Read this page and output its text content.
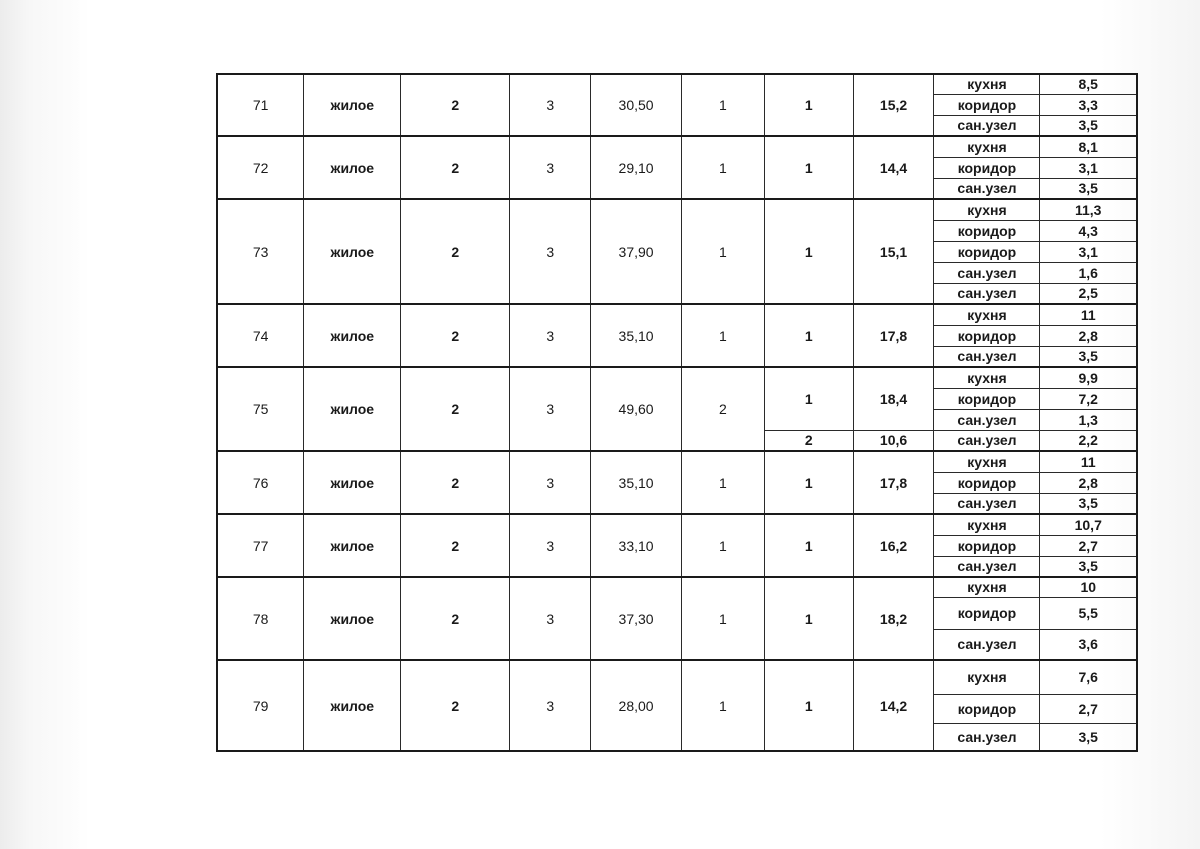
71	жилое	2	3	30,50	1	1	15,2	кухня	8,5
								коридор	3,3
								сан.узел	3,5
72	жилое	2	3	29,10	1	1	14,4	кухня	8,1
								коридор	3,1
								сан.узел	3,5
73	жилое	2	3	37,90	1	1	15,1	кухня	11,3
								коридор	4,3
								коридор	3,1
								сан.узел	1,6
								сан.узел	2,5
74	жилое	2	3	35,10	1	1	17,8	кухня	11
								коридор	2,8
								сан.узел	3,5
75	жилое	2	3	49,60	2	1	18,4	кухня	9,9
								коридор	7,2
								сан.узел	1,3
						2	10,6	сан.узел	2,2
76	жилое	2	3	35,10	1	1	17,8	кухня	11
								коридор	2,8
								сан.узел	3,5
77	жилое	2	3	33,10	1	1	16,2	кухня	10,7
								коридор	2,7
								сан.узел	3,5
78	жилое	2	3	37,30	1	1	18,2	кухня	10
								коридор	5,5
								сан.узел	3,6
79	жилое	2	3	28,00	1	1	14,2	кухня	7,6
								коридор	2,7
								сан.узел	3,5
